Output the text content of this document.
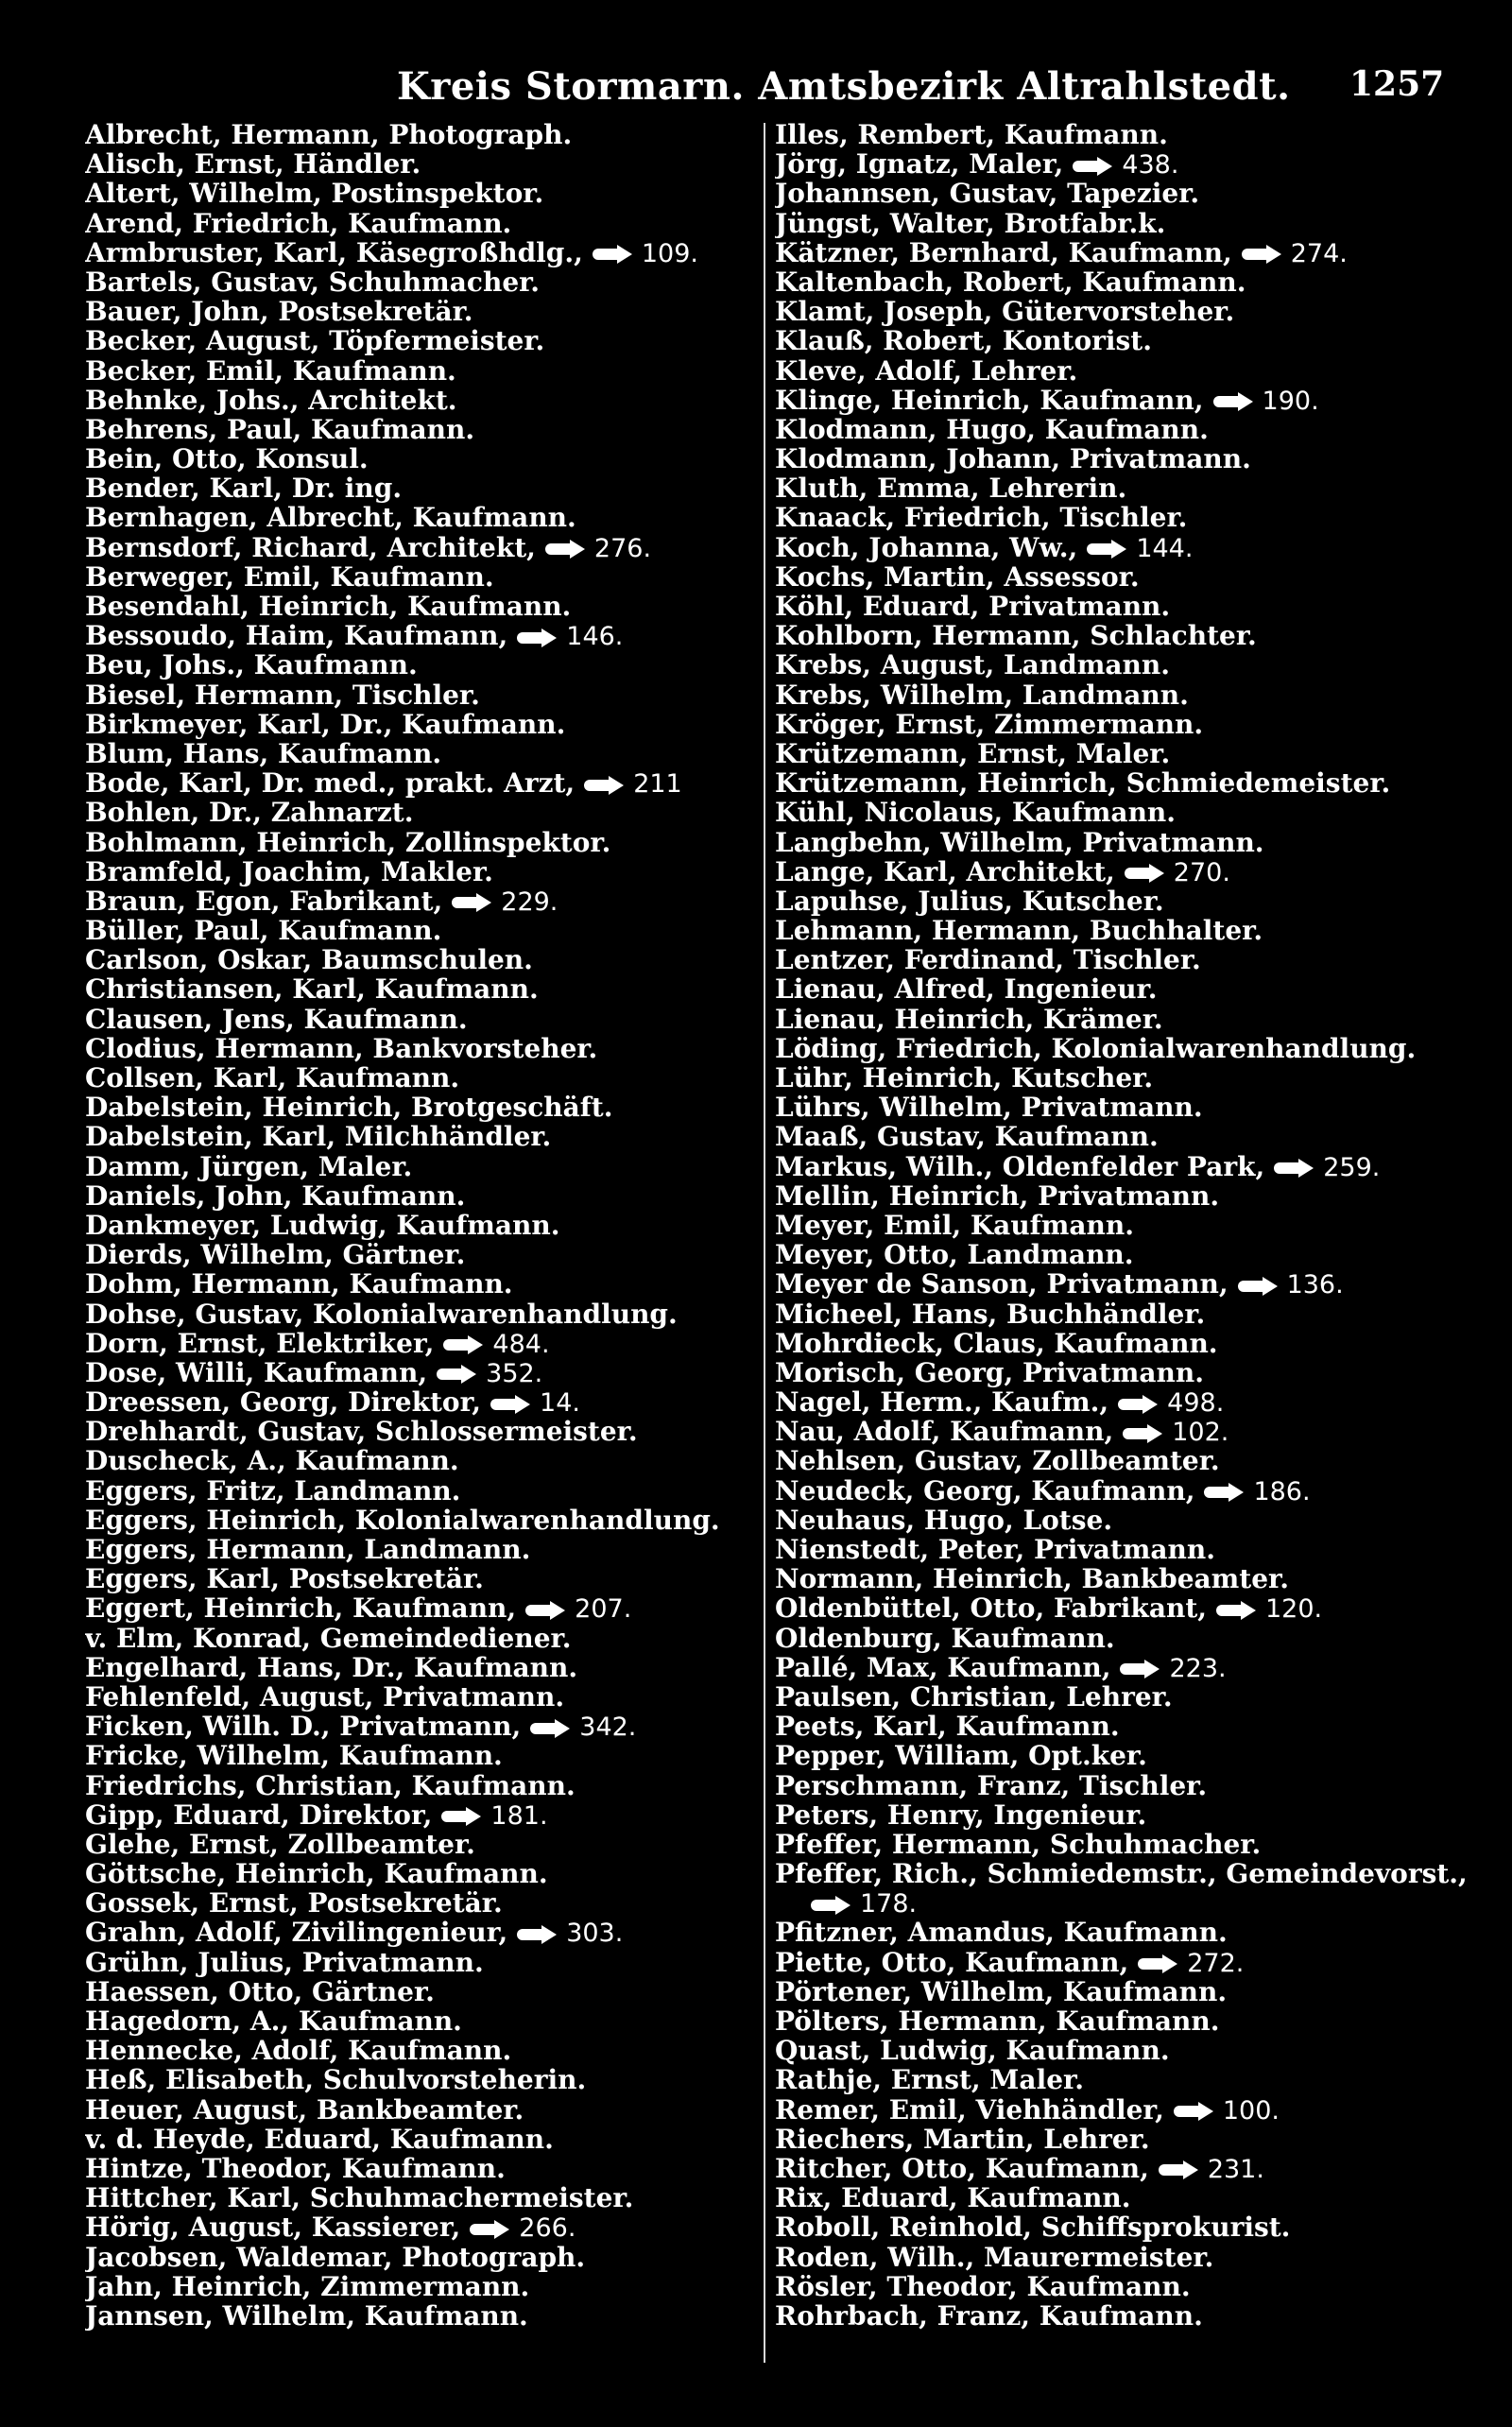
Kreis Stormarn. Amtsbezirk Altrahlstedt. 1257
Albrecht, Hermann, Photograph.
Alisch, Ernst, Händler.
Altert, Wilhelm, Postinspektor.
Arend, Friedrich, Kaufmann.
Armbruster, Karl, Käsegroßhdlg., 109.
Bartels, Gustav, Schuhmacher.
Bauer, John, Postsekretär.
Becker, August, Töpfermeister.
Becker, Emil, Kaufmann.
Behnke, Johs., Architekt.
Behrens, Paul, Kaufmann.
Bein, Otto, Konsul.
Bender, Karl, Dr. ing.
Bernhagen, Albrecht, Kaufmann.
Bernsdorf, Richard, Architekt, 276.
Berweger, Emil, Kaufmann.
Besendahl, Heinrich, Kaufmann.
Bessoudo, Haim, Kaufmann, 146.
Beu, Johs., Kaufmann.
Biesel, Hermann, Tischler.
Birkmeyer, Karl, Dr., Kaufmann.
Blum, Hans, Kaufmann.
Bode, Karl, Dr. med., prakt. Arzt, 211
Bohlen, Dr., Zahnarzt.
Bohlmann, Heinrich, Zollinspektor.
Bramfeld, Joachim, Makler.
Braun, Egon, Fabrikant, 229.
Büller, Paul, Kaufmann.
Carlson, Oskar, Baumschulen.
Christiansen, Karl, Kaufmann.
Clausen, Jens, Kaufmann.
Clodius, Hermann, Bankvorsteher.
Collsen, Karl, Kaufmann.
Dabelstein, Heinrich, Brotgeschäft.
Dabelstein, Karl, Milchhändler.
Damm, Jürgen, Maler.
Daniels, John, Kaufmann.
Dankmeyer, Ludwig, Kaufmann.
Dierds, Wilhelm, Gärtner.
Dohm, Hermann, Kaufmann.
Dohse, Gustav, Kolonialwarenhandlung.
Dorn, Ernst, Elektriker, 484.
Dose, Willi, Kaufmann, 352.
Dreessen, Georg, Direktor, 14.
Drehhardt, Gustav, Schlossermeister.
Duscheck, A., Kaufmann.
Eggers, Fritz, Landmann.
Eggers, Heinrich, Kolonialwarenhandlung.
Eggers, Hermann, Landmann.
Eggers, Karl, Postsekretär.
Eggert, Heinrich, Kaufmann, 207.
v. Elm, Konrad, Gemeindediener.
Engelhard, Hans, Dr., Kaufmann.
Fehlenfeld, August, Privatmann.
Ficken, Wilh. D., Privatmann, 342.
Fricke, Wilhelm, Kaufmann.
Friedrichs, Christian, Kaufmann.
Gipp, Eduard, Direktor, 181.
Glehe, Ernst, Zollbeamter.
Göttsche, Heinrich, Kaufmann.
Gossek, Ernst, Postsekretär.
Grahn, Adolf, Zivilingenieur, 303.
Grühn, Julius, Privatmann.
Haessen, Otto, Gärtner.
Hagedorn, A., Kaufmann.
Hennecke, Adolf, Kaufmann.
Heß, Elisabeth, Schulvorsteherin.
Heuer, August, Bankbeamter.
v. d. Heyde, Eduard, Kaufmann.
Hintze, Theodor, Kaufmann.
Hittcher, Karl, Schuhmachermeister.
Hörig, August, Kassierer, 266.
Jacobsen, Waldemar, Photograph.
Jahn, Heinrich, Zimmermann.
Jannsen, Wilhelm, Kaufmann.
Illes, Rembert, Kaufmann.
Jörg, Ignatz, Maler, 438.
Johannsen, Gustav, Tapezier.
Jüngst, Walter, Brotfabr.k.
Kätzner, Bernhard, Kaufmann, 274.
Kaltenbach, Robert, Kaufmann.
Klamt, Joseph, Gütervorsteher.
Klauß, Robert, Kontorist.
Kleve, Adolf, Lehrer.
Klinge, Heinrich, Kaufmann, 190.
Klodmann, Hugo, Kaufmann.
Klodmann, Johann, Privatmann.
Kluth, Emma, Lehrerin.
Knaack, Friedrich, Tischler.
Koch, Johanna, Ww., 144.
Kochs, Martin, Assessor.
Köhl, Eduard, Privatmann.
Kohlborn, Hermann, Schlachter.
Krebs, August, Landmann.
Krebs, Wilhelm, Landmann.
Kröger, Ernst, Zimmermann.
Krützemann, Ernst, Maler.
Krützemann, Heinrich, Schmiedemeister.
Kühl, Nicolaus, Kaufmann.
Langbehn, Wilhelm, Privatmann.
Lange, Karl, Architekt, 270.
Lapuhse, Julius, Kutscher.
Lehmann, Hermann, Buchhalter.
Lentzer, Ferdinand, Tischler.
Lienau, Alfred, Ingenieur.
Lienau, Heinrich, Krämer.
Löding, Friedrich, Kolonialwarenhandlung.
Lühr, Heinrich, Kutscher.
Lührs, Wilhelm, Privatmann.
Maaß, Gustav, Kaufmann.
Markus, Wilh., Oldenfelder Park, 259.
Mellin, Heinrich, Privatmann.
Meyer, Emil, Kaufmann.
Meyer, Otto, Landmann.
Meyer de Sanson, Privatmann, 136.
Micheel, Hans, Buchhändler.
Mohrdieck, Claus, Kaufmann.
Morisch, Georg, Privatmann.
Nagel, Herm., Kaufm., 498.
Nau, Adolf, Kaufmann, 102.
Nehlsen, Gustav, Zollbeamter.
Neudeck, Georg, Kaufmann, 186.
Neuhaus, Hugo, Lotse.
Nienstedt, Peter, Privatmann.
Normann, Heinrich, Bankbeamter.
Oldenbüttel, Otto, Fabrikant, 120.
Oldenburg, Kaufmann.
Pallé, Max, Kaufmann, 223.
Paulsen, Christian, Lehrer.
Peets, Karl, Kaufmann.
Pepper, William, Opt.ker.
Perschmann, Franz, Tischler.
Peters, Henry, Ingenieur.
Pfeffer, Hermann, Schuhmacher.
Pfeffer, Rich., Schmiedemstr., Gemeindevorst.,
178.
Pfitzner, Amandus, Kaufmann.
Piette, Otto, Kaufmann, 272.
Pörtener, Wilhelm, Kaufmann.
Pölters, Hermann, Kaufmann.
Quast, Ludwig, Kaufmann.
Rathje, Ernst, Maler.
Remer, Emil, Viehhändler, 100.
Riechers, Martin, Lehrer.
Ritcher, Otto, Kaufmann, 231.
Rix, Eduard, Kaufmann.
Roboll, Reinhold, Schiffsprokurist.
Roden, Wilh., Maurermeister.
Rösler, Theodor, Kaufmann.
Rohrbach, Franz, Kaufmann.
